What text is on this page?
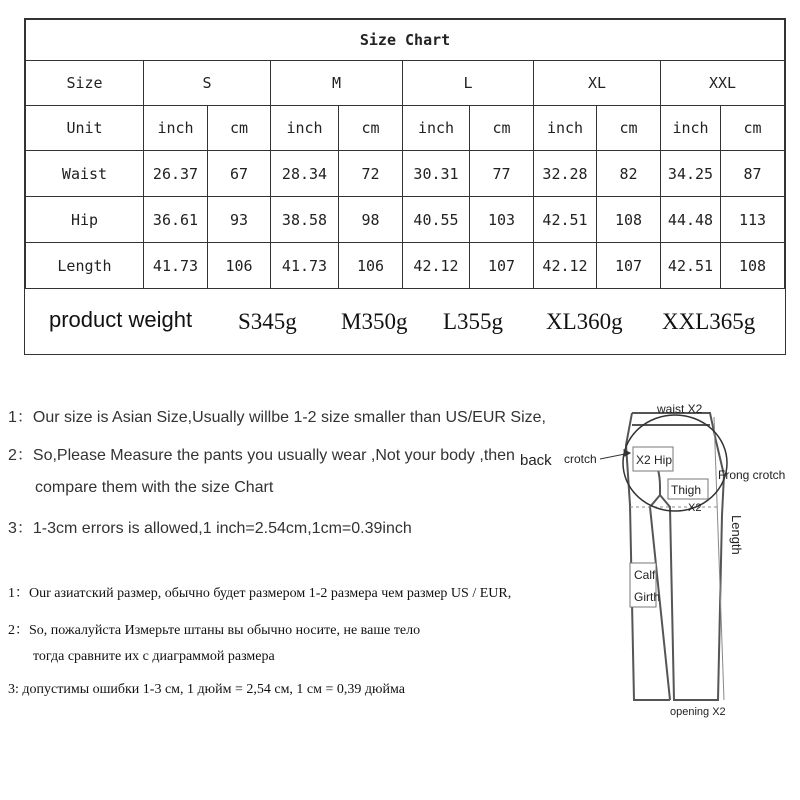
Size Chart										
Size	S		M		L		XL		XXL	
Unit	inch	cm	inch	cm	inch	cm	inch	cm	inch	cm
Waist	26.37	67	28.34	72	30.31	77	32.28	82	34.25	87
Hip	36.61	93	38.58	98	40.55	103	42.51	108	44.48	113
Length	41.73	106	41.73	106	42.12	107	42.12	107	42.51	108
product weight S345g M350g L355g XL360g XXL365g
1：Our size is Asian Size,Usually willbe 1-2 size smaller than US/EUR Size,
2：So,Please Measure the pants you usually wear ,Not your body ,then
compare them with the size Chart
3：1-3cm errors is allowed,1 inch=2.54cm,1cm=0.39inch
1：Our азиатский размер, обычно будет размером 1-2 размера чем размер US / EUR,
2：So, пожалуйста Измерьте штаны вы обычно носите, не ваше тело
тогда сравните их с диаграммой размера
3: допустимы ошибки 1-3 см, 1 дюйм = 2,54 см, 1 см = 0,39 дюйма
waist X2
back crotch	X2 Hip
Frong crotch
Thigh
X2
Length
Calf
Girth
opening X2
